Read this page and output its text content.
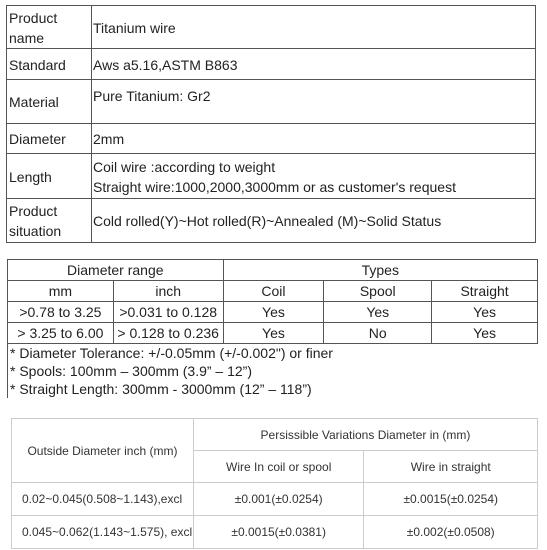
Product name	Titanium wire
Standard	Aws a5.16,ASTM B863
Material	Pure Titanium: Gr2
Diameter	2mm
Length	Coil wire :according to weight
Straight wire:1000,2000,3000mm or as customer's request

Product situation	Cold rolled(Y)~Hot rolled(R)~Annealed (M)~Solid Status
Diameter range		Types		
mm	inch	Coil	Spool	Straight
>0.78 to 3.25	>0.031 to 0.128	Yes	Yes	Yes
> 3.25 to 6.00	> 0.128 to 0.236	Yes	No	Yes

* Diameter Tolerance: +/-0.05mm (+/-0.002") or finer
* Spools: 100mm – 300mm (3.9” – 12”)
* Straight Length: 300mm - 3000mm (12” – 118”)				
Outside Diameter inch (mm)	Persissible Variations Diameter in (mm)	
	Wire In coil or spool	Wire in straight
0.02~0.045(0.508~1.143),excl	±0.001(±0.0254)	±0.0015(±0.0254)
0.045~0.062(1.143~1.575), excl	±0.0015(±0.0381)	±0.002(±0.0508)
